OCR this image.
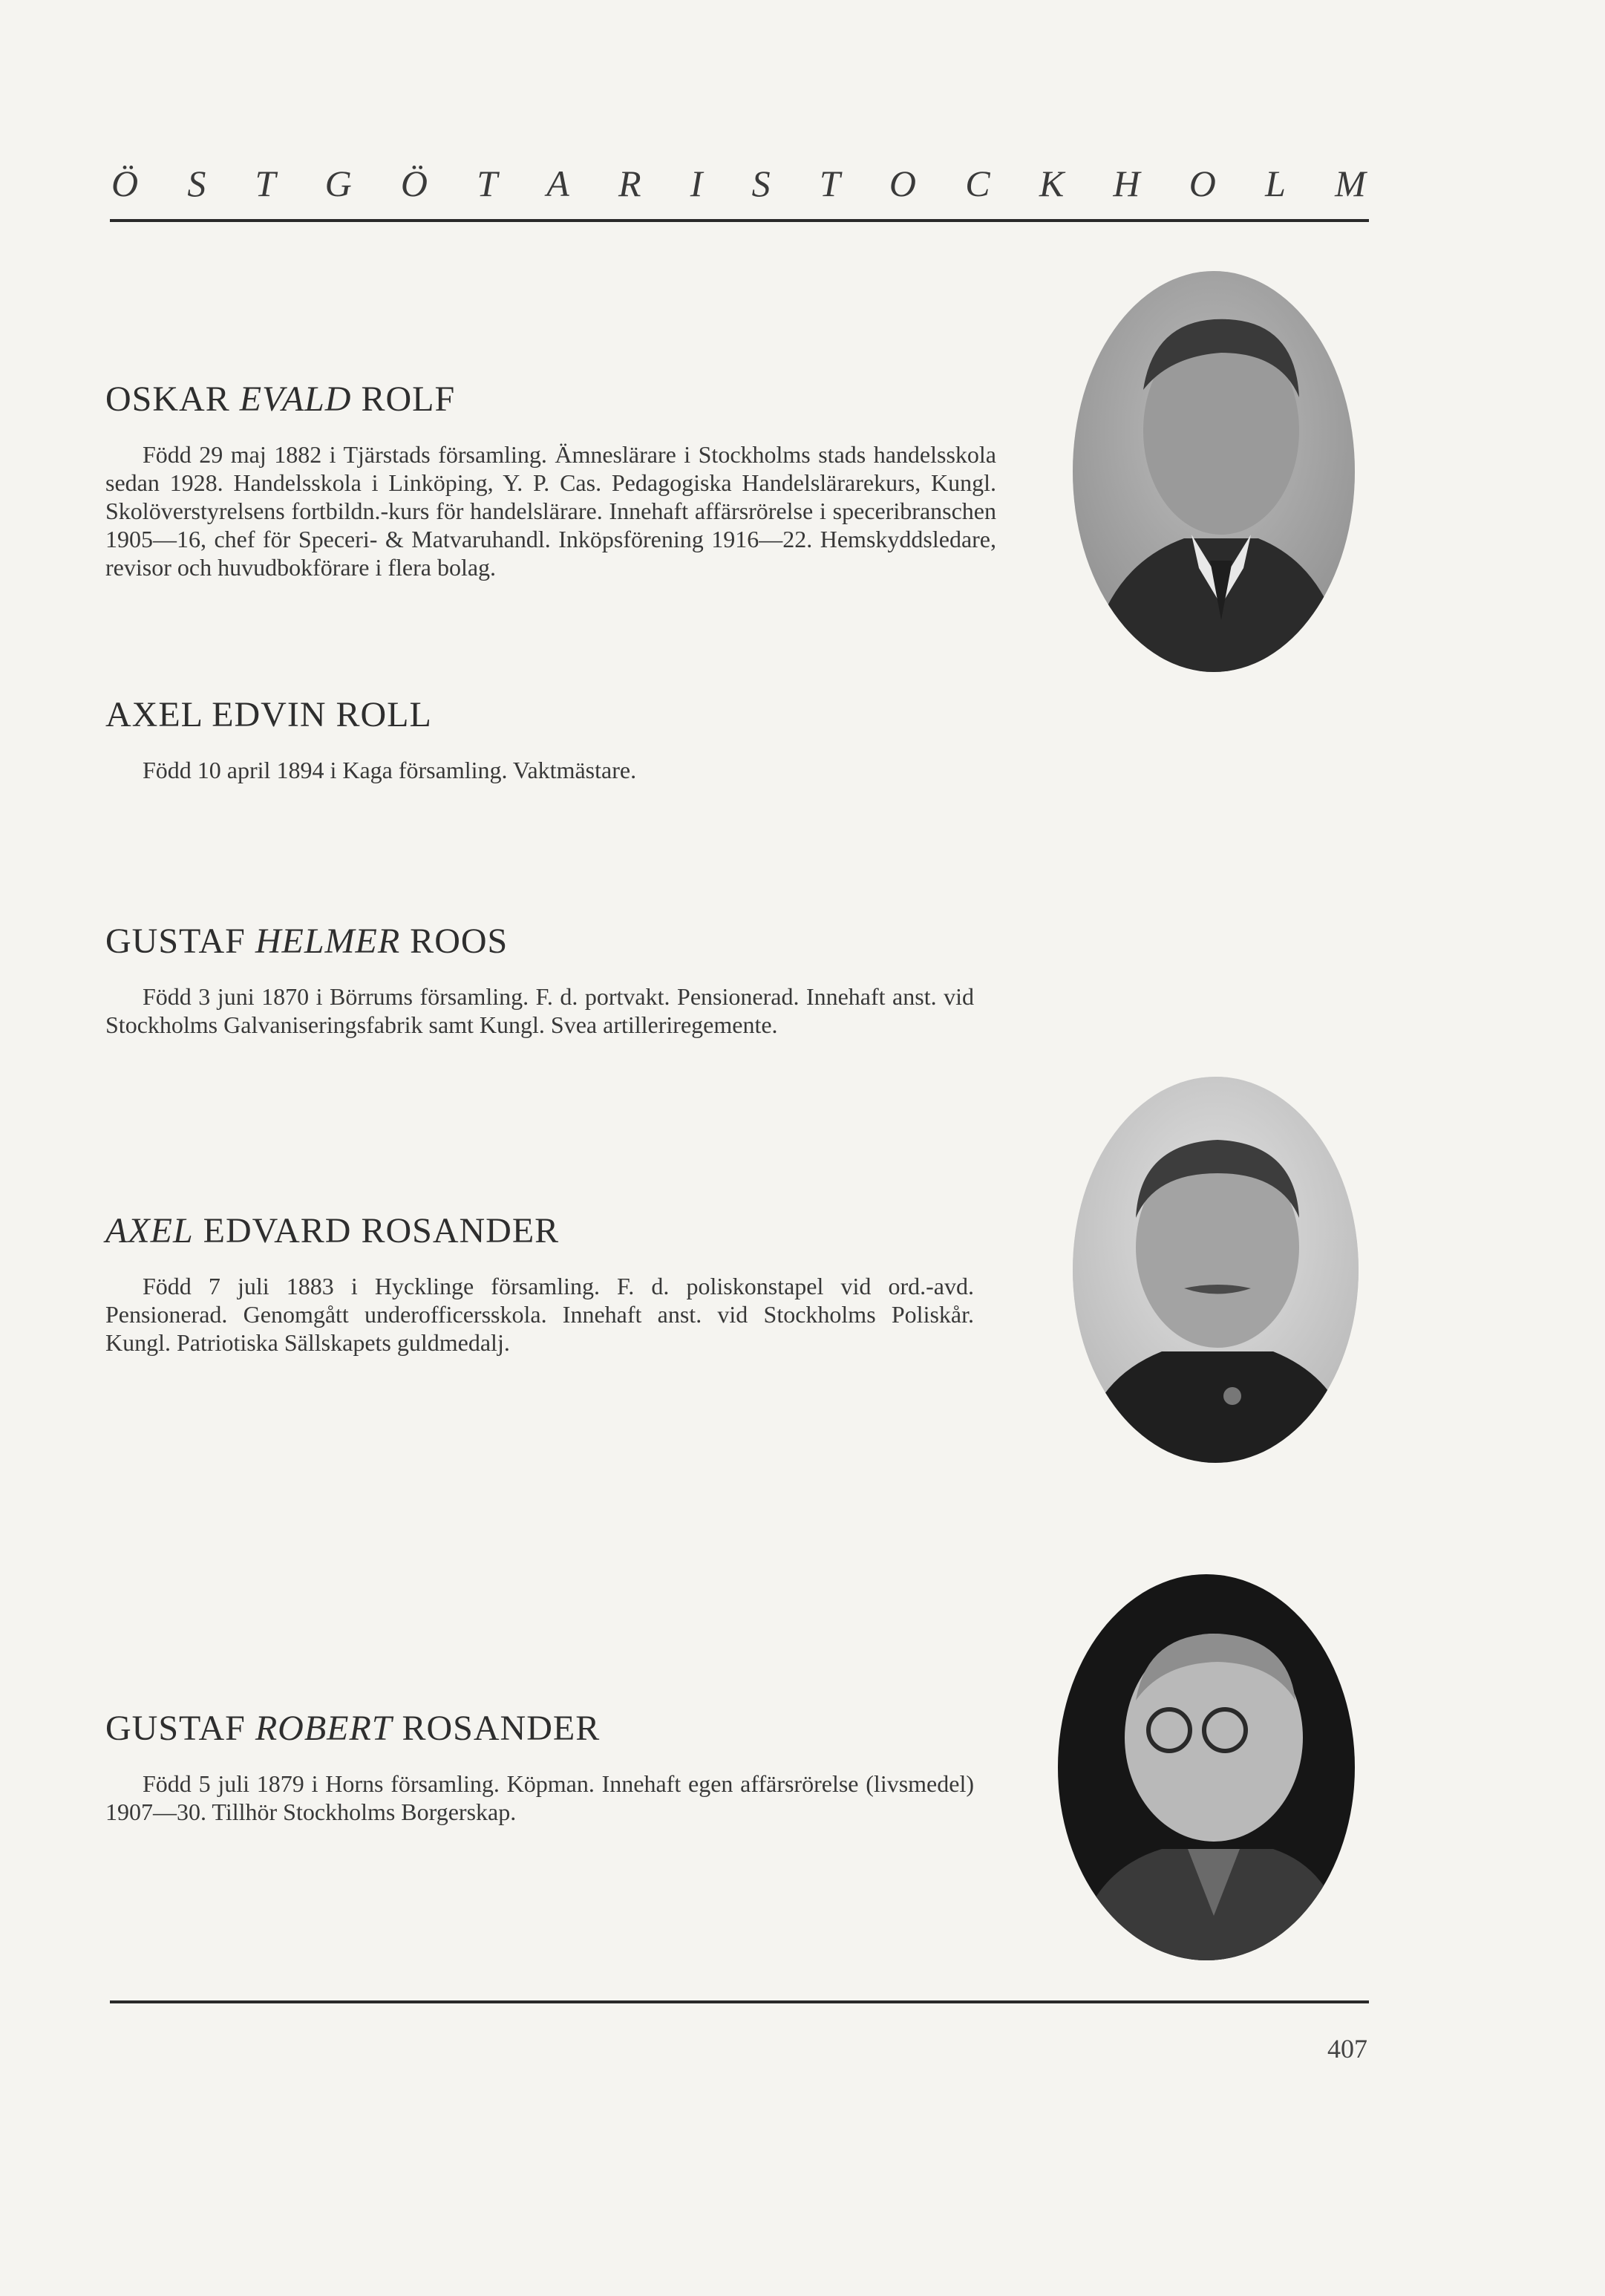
Ö S T G Ö T A R I S T O C K H O L M
OSKAR EVALD ROLF

Född 29 maj 1882 i Tjärstads församling. Ämneslärare i Stockholms stads handelsskola sedan 1928. Handelsskola i Linköping, Y. P. Cas. Pedagogiska Handelslärarekurs, Kungl. Skolöverstyrelsens fortbildn.-kurs för handelslärare. Innehaft affärsrörelse i speceribranschen 1905—16, chef för Speceri- & Matvaruhandl. Inköpsförening 1916—22. Hemskyddsledare, revisor och huvudbokförare i flera bolag.

AXEL EDVIN ROLL

Född 10 april 1894 i Kaga församling. Vaktmästare.

GUSTAF HELMER ROOS

Född 3 juni 1870 i Börrums församling. F. d. portvakt. Pensionerad. Innehaft anst. vid Stockholms Galvaniseringsfabrik samt Kungl. Svea artilleriregemente.

AXEL EDVARD ROSANDER

Född 7 juli 1883 i Hycklinge församling. F. d. poliskonstapel vid ord.-avd. Pensionerad. Genomgått underofficersskola. Innehaft anst. vid Stockholms Poliskår. Kungl. Patriotiska Sällskapets guldmedalj.

GUSTAF ROBERT ROSANDER

Född 5 juli 1879 i Horns församling. Köpman. Innehaft egen affärsrörelse (livsmedel) 1907—30. Tillhör Stockholms Borgerskap.

407
